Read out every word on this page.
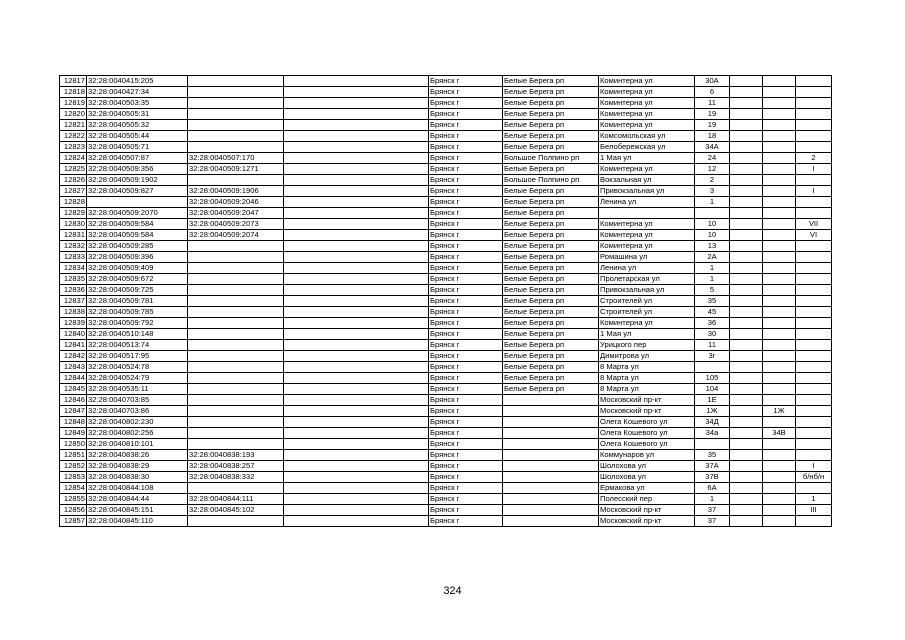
12817	32:28:0040415:205			Брянск г	Белые Берега рп	Коминтерна ул	30А			
12818	32:28:0040427:34			Брянск г	Белые Берега рп	Коминтерна ул	6			
12819	32:28:0040503:35			Брянск г	Белые Берега рп	Коминтерна ул	11			
12820	32:28:0040505:31			Брянск г	Белые Берега рп	Коминтерна ул	19			
12821	32:28:0040505:32			Брянск г	Белые Берега рп	Коминтерна ул	19			
12822	32:28:0040505:44			Брянск г	Белые Берега рп	Комсомольская ул	18			
12823	32:28:0040505:71			Брянск г	Белые Берега рп	Белобережская ул	34А			
12824	32:28:0040507:87	32:28:0040507:170		Брянск г	Большое Полпино рп	1 Мая ул	24			2
12825	32:28:0040509:356	32:28:0040509:1271		Брянск г	Белые Берега рп	Коминтерна ул	12			I
12826	32:28:0040509:1902			Брянск г	Большое Полпино рп	Вокзальная ул	2			
12827	32:28:0040509:827	32:28:0040509:1906		Брянск г	Белые Берега рп	Привокзальная ул	3			I
12828		32:28:0040509:2046		Брянск г	Белые Берега рп	Ленина ул	1			
12829	32:28:0040509:2070	32:28:0040509:2047		Брянск г	Белые Берега рп					
12830	32:28:0040509:584	32:28:0040509:2073		Брянск г	Белые Берега рп	Коминтерна ул	10			VII
12831	32:28:0040509:584	32:28:0040509:2074		Брянск г	Белые Берега рп	Коминтерна ул	10			VI
12832	32:28:0040509:285			Брянск г	Белые Берега рп	Коминтерна ул	13			
12833	32:28:0040509:396			Брянск г	Белые Берега рп	Ромашина ул	2А			
12834	32:28:0040509:409			Брянск г	Белые Берега рп	Ленина ул	1			
12835	32:28:0040509:672			Брянск г	Белые Берега рп	Пролетарская ул	1			
12836	32:28:0040509:725			Брянск г	Белые Берега рп	Привокзальная ул	5			
12837	32:28:0040509:781			Брянск г	Белые Берега рп	Строителей ул	35			
12838	32:28:0040509:785			Брянск г	Белые Берега рп	Строителей ул	45			
12839	32:28:0040509:792			Брянск г	Белые Берега рп	Коминтерна ул	36			
12840	32:28:0040510:148			Брянск г	Белые Берега рп	1 Мая ул	30			
12841	32:28:0040513:74			Брянск г	Белые Берега рп	Урицкого пер	11			
12842	32:28:0040517:95			Брянск г	Белые Берега рп	Димитрова ул	3г			
12843	32:28:0040524:78			Брянск г	Белые Берега рп	8 Марта ул				
12844	32:28:0040524:79			Брянск г	Белые Берега рп	8 Марта ул	105			
12845	32:28:0040535:11			Брянск г	Белые Берега рп	8 Марта ул	104			
12846	32:28:0040703:85			Брянск г		Московский пр-кт	1Е			
12847	32:28:0040703:86			Брянск г		Московский пр-кт	1Ж		1Ж	
12848	32:28:0040802:230			Брянск г		Олега Кошевого ул	34Д			
12849	32:28:0040802:256			Брянск г		Олега Кошевого ул	34а		34В	
12850	32:28:0040810:101			Брянск г		Олега Кошевого ул				
12851	32:28:0040838:26	32:28:0040838:193		Брянск г		Коммунаров ул	35			
12852	32:28:0040838:29	32:28:0040838:257		Брянск г		Шолохова ул	37А			I
12853	32:28:0040838:30	32:28:0040838:332		Брянск г		Шолохова ул	37В			б/нб/н
12854	32:28:0040844:108			Брянск г		Ермакова ул	6А			
12855	32:28:0040844:44	32:28:0040844:111		Брянск г		Полесский пер	1			1
12856	32:28:0040845:151	32:28:0040845:102		Брянск г		Московский пр-кт	37			III
12857	32:28:0040845:110			Брянск г		Московский пр-кт	37			
324
